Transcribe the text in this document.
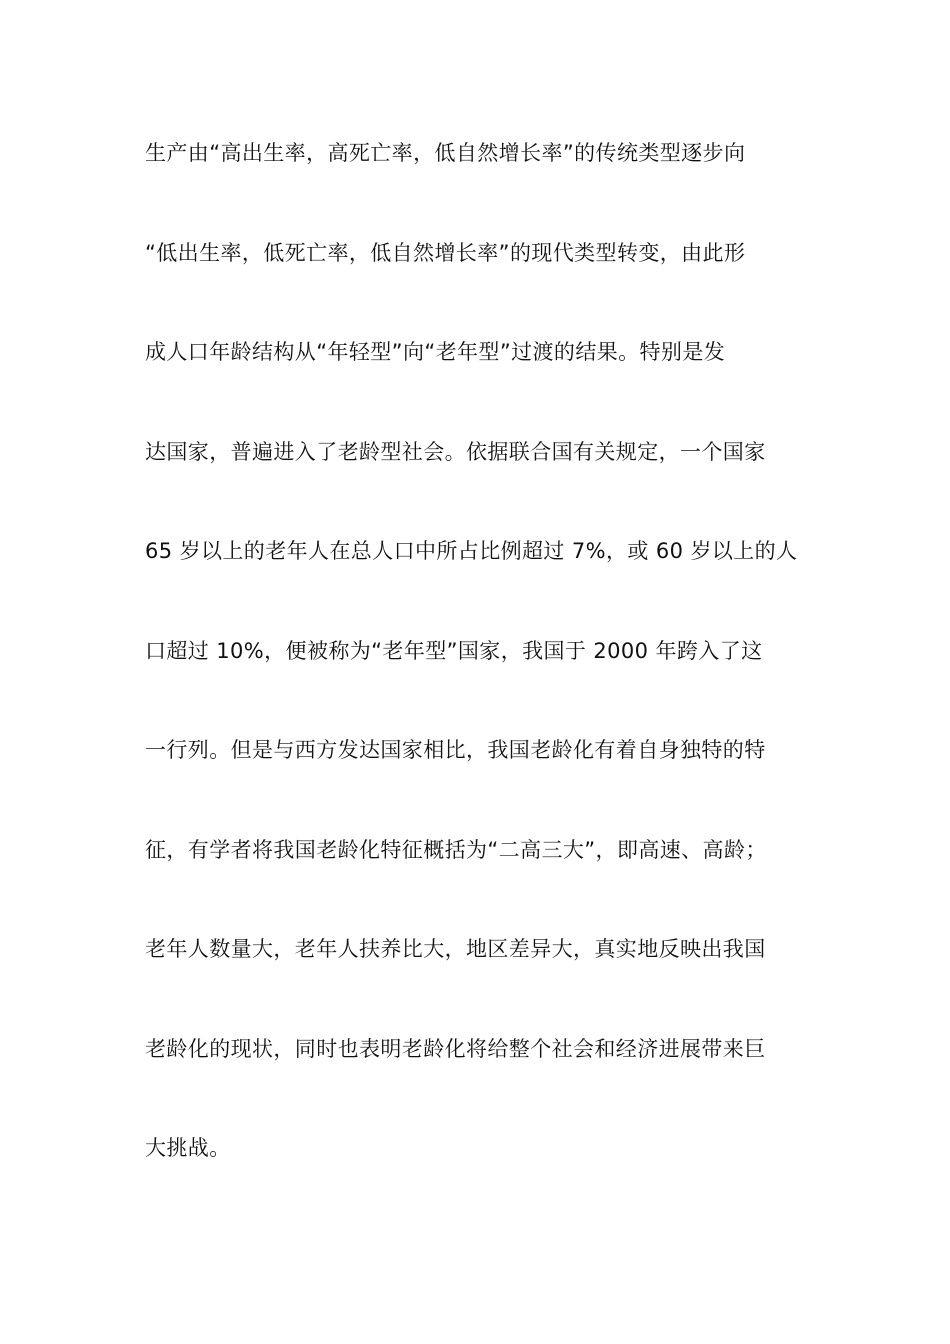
生产由“高出生率，高死亡率，低自然增长率”的传统类型逐步向
“低出生率，低死亡率，低自然增长率”的现代类型转变，由此形
成人口年龄结构从“年轻型”向“老年型”过渡的结果。特别是发
达国家，普遍进入了老龄型社会。依据联合国有关规定，一个国家
65 岁以上的老年人在总人口中所占比例超过 7%，或 60 岁以上的人
口超过 10%，便被称为“老年型”国家，我国于 2000 年跨入了这
一行列。但是与西方发达国家相比，我国老龄化有着自身独特的特
征，有学者将我国老龄化特征概括为“二高三大”，即高速、高龄；
老年人数量大，老年人扶养比大，地区差异大，真实地反映出我国
老龄化的现状，同时也表明老龄化将给整个社会和经济进展带来巨
大挑战。
